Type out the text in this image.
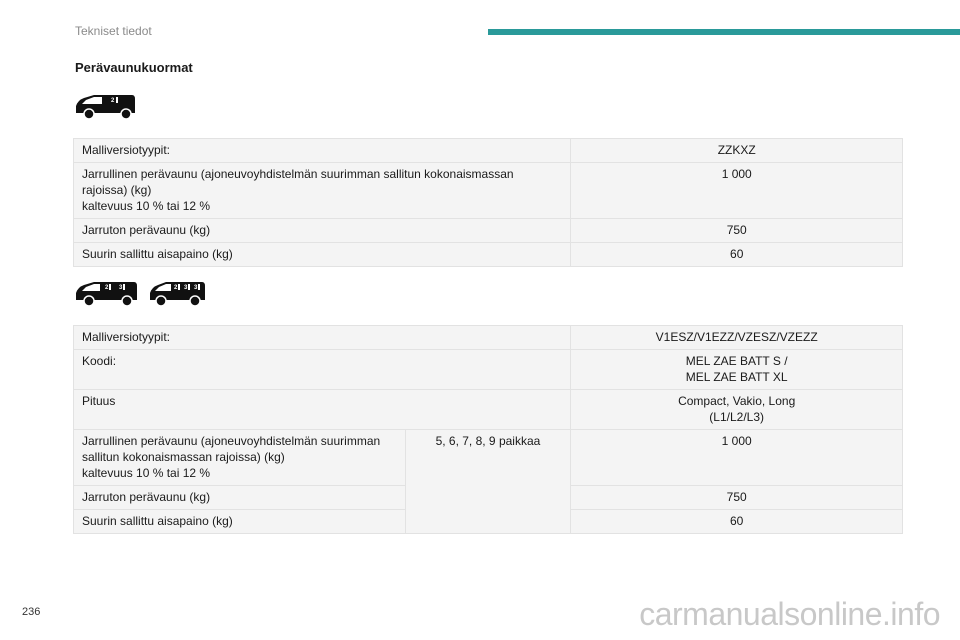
Tekniset tiedot
Perävaunukuormat
2
Malliversiotyypit:	ZZKXZ

Jarrullinen perävaunu (ajoneuvoyhdistelmän suurimman sallitun kokonaismassan
rajoissa) (kg)
kaltevuus 10 % tai 12 %	1 000
Jarruton perävaunu (kg)	750
Suurin sallittu aisapaino (kg)	60
2 3	2 3 3
Malliversiotyypit:		V1ESZ/V1EZZ/VZESZ/VZEZZ
Koodi:		MEL ZAE BATT S /
MEL ZAE BATT XL

Pituus		Compact, Vakio, Long
(L1/L2/L3)

Jarrullinen perävaunu (ajoneuvoyhdistelmän suurimman
sallitun kokonaismassan rajoissa) (kg)
kaltevuus 10 % tai 12 %	5, 6, 7, 8, 9 paikkaa	1 000
Jarruton perävaunu (kg)		750
Suurin sallittu aisapaino (kg)		60
236	carmanualsonline.info
